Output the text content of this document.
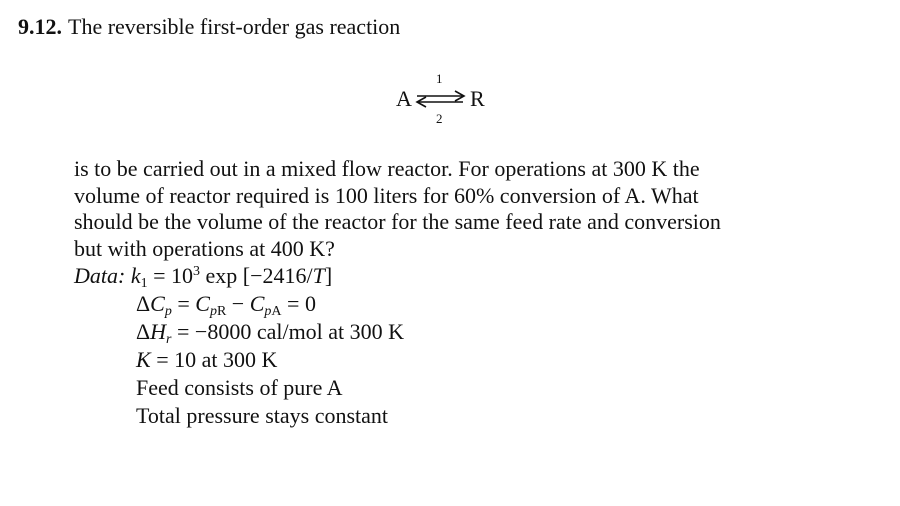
9.12. The reversible first-order gas reaction
1
A ⇌ R
2

is to be carried out in a mixed flow reactor. For operations at 300 K the

volume of reactor required is 100 liters for 60% conversion of A. What

should be the volume of the reactor for the same feed rate and conversion

but with operations at 400 K?

Data: $k_1 = 10^3$ exp [−2416/T]
$\Delta C_p = C_{pR} - C_{pA} = 0$
$\Delta H_r = -8000$ cal/mol at 300 K
K = 10 at 300 K
Feed consists of pure A
Total pressure stays constant
